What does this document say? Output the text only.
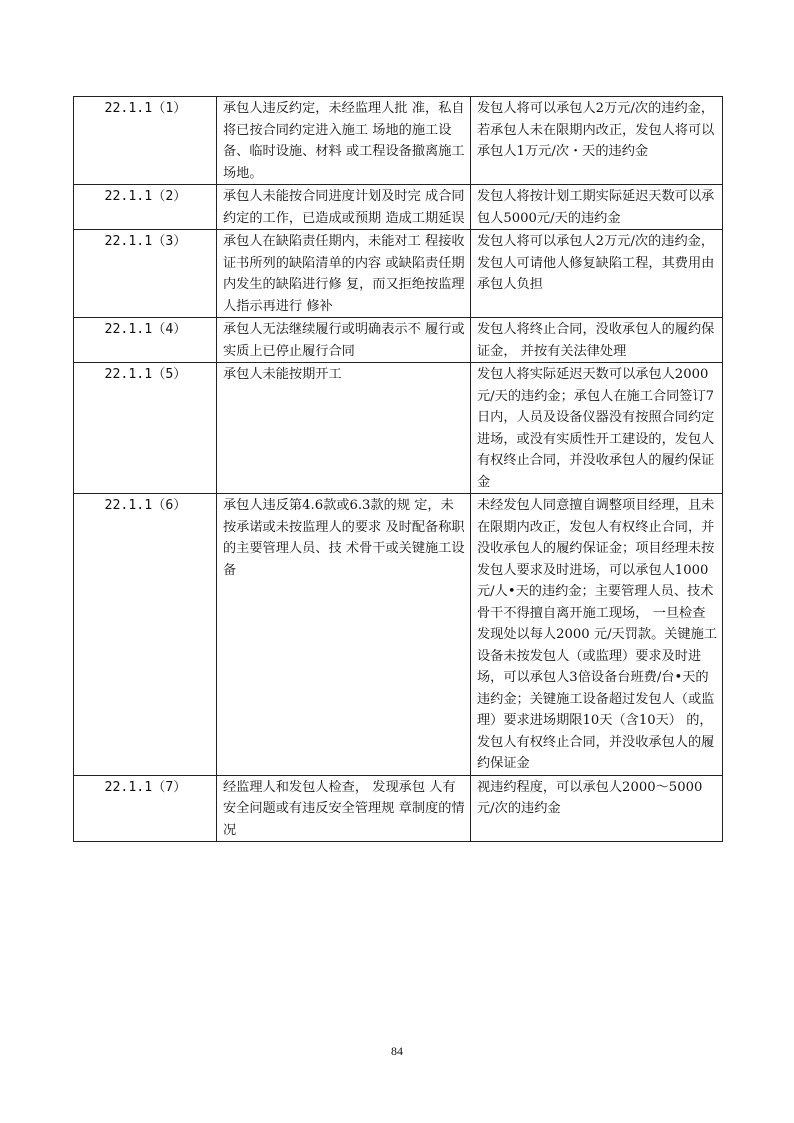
22.1.1（1）	承包人违反约定，未经监理人批 准，私自将已按合同约定进入施工 场地的施工设备、临时设施、材料 或工程设备撤离施工场地。	发包人将可以承包人2万元/次的违约金，若承包人未在限期内改正，发包人将可以承包人1万元/次・天的违约金
22.1.1（2）	承包人未能按合同进度计划及时完 成合同约定的工作，已造成或预期 造成工期延误	发包人将按计划工期实际延迟天数可以承包人5000元/天的违约金
22.1.1（3）	承包人在缺陷责任期内，未能对工 程接收证书所列的缺陷清单的内容 或缺陷责任期内发生的缺陷进行修 复，而又拒绝按监理人指示再进行 修补	发包人将可以承包人2万元/次的违约金，发包人可请他人修复缺陷工程，其费用由承包人负担
22.1.1（4）	承包人无法继续履行或明确表示不 履行或实质上已停止履行合同	发包人将终止合同，没收承包人的履约保证金， 并按有关法律处理
22.1.1（5）	承包人未能按期开工	发包人将实际延迟天数可以承包人2000元/天的违约金；承包人在施工合同签订7日内，人员及设备仪器没有按照合同约定进场，或没有实质性开工建设的，发包人有权终止合同，并没收承包人的履约保证金
22.1.1（6）	承包人违反第4.6款或6.3款的规 定，未按承诺或未按监理人的要求 及时配备称职的主要管理人员、技 术骨干或关键施工设备	未经发包人同意擅自调整项目经理，且未在限期内改正，发包人有权终止合同，并没收承包人的履约保证金；项目经理未按发包人要求及时进场，可以承包人1000元/人•天的违约金；主要管理人员、技术骨干不得擅自离开施工现场， 一旦检查发现处以每人2000 元/天罚款。关键施工设备未按发包人（或监理）要求及时进场，可以承包人3倍设备台班费/台•天的违约金；关键施工设备超过发包人（或监理）要求进场期限10天（含10天） 的，发包人有权终止合同，并没收承包人的履约保证金
22.1.1（7）	经监理人和发包人检查， 发现承包 人有安全问题或有违反安全管理规 章制度的情况	视违约程度，可以承包人2000～5000元/次的违约金
84
